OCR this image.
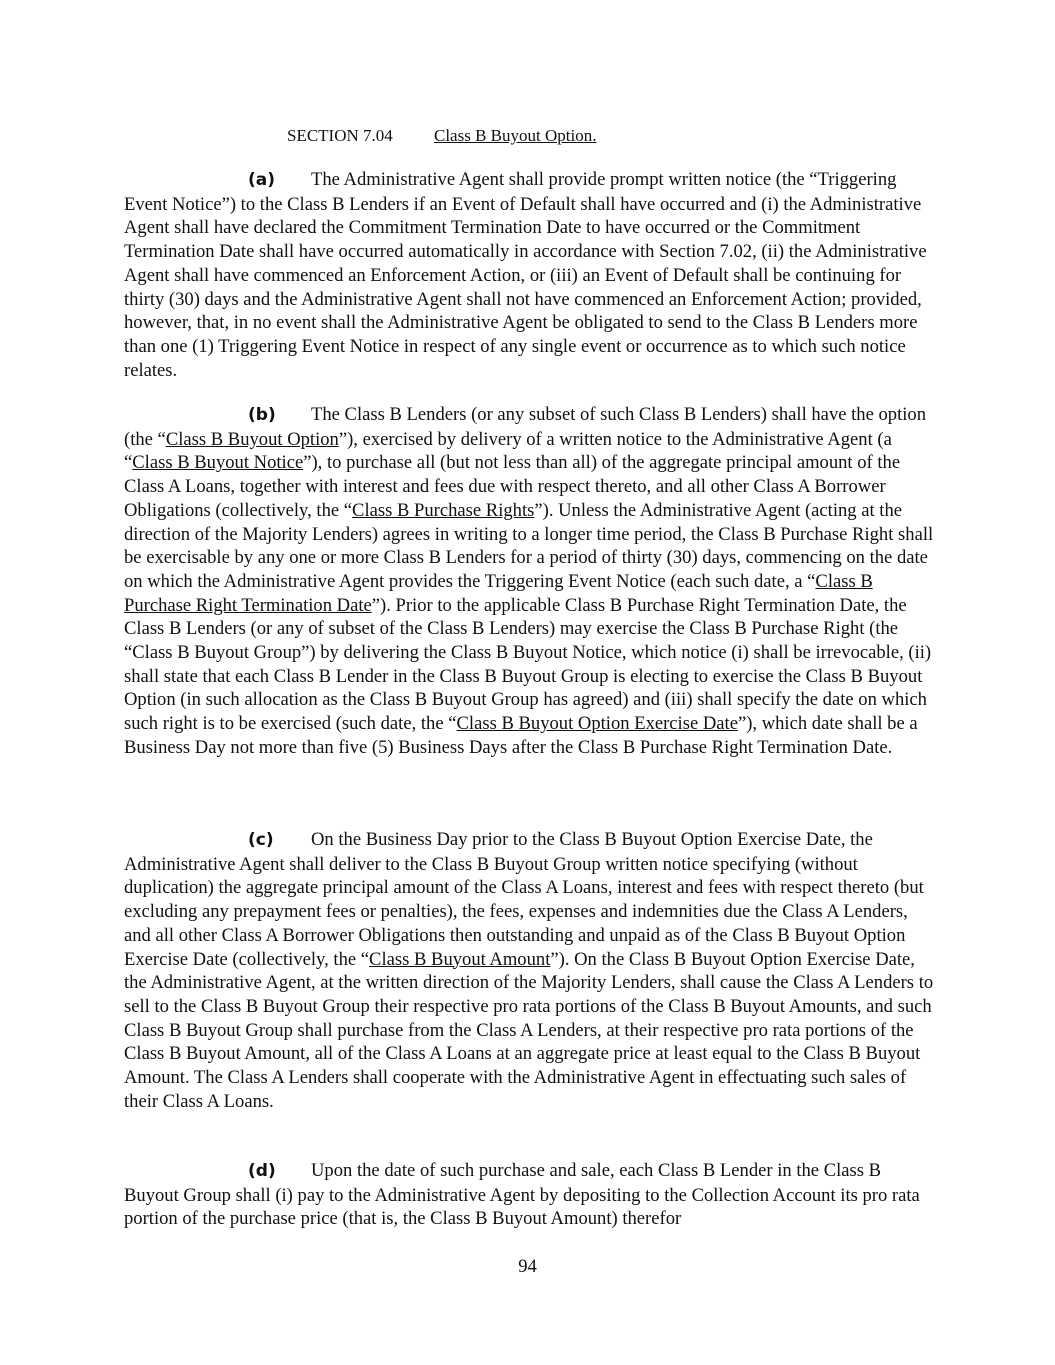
SECTION 7.04 Class B Buyout Option.

(a) The Administrative Agent shall provide prompt written notice (the “Triggering Event Notice”) to the Class B Lenders if an Event of Default shall have occurred and (i) the Administrative Agent shall have declared the Commitment Termination Date to have occurred or the Commitment Termination Date shall have occurred automatically in accordance with Section 7.02, (ii) the Administrative Agent shall have commenced an Enforcement Action, or (iii) an Event of Default shall be continuing for thirty (30) days and the Administrative Agent shall not have commenced an Enforcement Action; provided, however, that, in no event shall the Administrative Agent be obligated to send to the Class B Lenders more than one (1) Triggering Event Notice in respect of any single event or occurrence as to which such notice relates.

(b) The Class B Lenders (or any subset of such Class B Lenders) shall have the option (the “Class B Buyout Option”), exercised by delivery of a written notice to the Administrative Agent (a “Class B Buyout Notice”), to purchase all (but not less than all) of the aggregate principal amount of the Class A Loans, together with interest and fees due with respect thereto, and all other Class A Borrower Obligations (collectively, the “Class B Purchase Rights”). Unless the Administrative Agent (acting at the direction of the Majority Lenders) agrees in writing to a longer time period, the Class B Purchase Right shall be exercisable by any one or more Class B Lenders for a period of thirty (30) days, commencing on the date on which the Administrative Agent provides the Triggering Event Notice (each such date, a “Class B Purchase Right Termination Date”). Prior to the applicable Class B Purchase Right Termination Date, the Class B Lenders (or any of subset of the Class B Lenders) may exercise the Class B Purchase Right (the “Class B Buyout Group”) by delivering the Class B Buyout Notice, which notice (i) shall be irrevocable, (ii) shall state that each Class B Lender in the Class B Buyout Group is electing to exercise the Class B Buyout Option (in such allocation as the Class B Buyout Group has agreed) and (iii) shall specify the date on which such right is to be exercised (such date, the “Class B Buyout Option Exercise Date”), which date shall be a Business Day not more than five (5) Business Days after the Class B Purchase Right Termination Date.

(c) On the Business Day prior to the Class B Buyout Option Exercise Date, the Administrative Agent shall deliver to the Class B Buyout Group written notice specifying (without duplication) the aggregate principal amount of the Class A Loans, interest and fees with respect thereto (but excluding any prepayment fees or penalties), the fees, expenses and indemnities due the Class A Lenders, and all other Class A Borrower Obligations then outstanding and unpaid as of the Class B Buyout Option Exercise Date (collectively, the “Class B Buyout Amount”). On the Class B Buyout Option Exercise Date, the Administrative Agent, at the written direction of the Majority Lenders, shall cause the Class A Lenders to sell to the Class B Buyout Group their respective pro rata portions of the Class B Buyout Amounts, and such Class B Buyout Group shall purchase from the Class A Lenders, at their respective pro rata portions of the Class B Buyout Amount, all of the Class A Loans at an aggregate price at least equal to the Class B Buyout Amount. The Class A Lenders shall cooperate with the Administrative Agent in effectuating such sales of their Class A Loans.

(d) Upon the date of such purchase and sale, each Class B Lender in the Class B Buyout Group shall (i) pay to the Administrative Agent by depositing to the Collection Account its pro rata portion of the purchase price (that is, the Class B Buyout Amount) therefor

94
